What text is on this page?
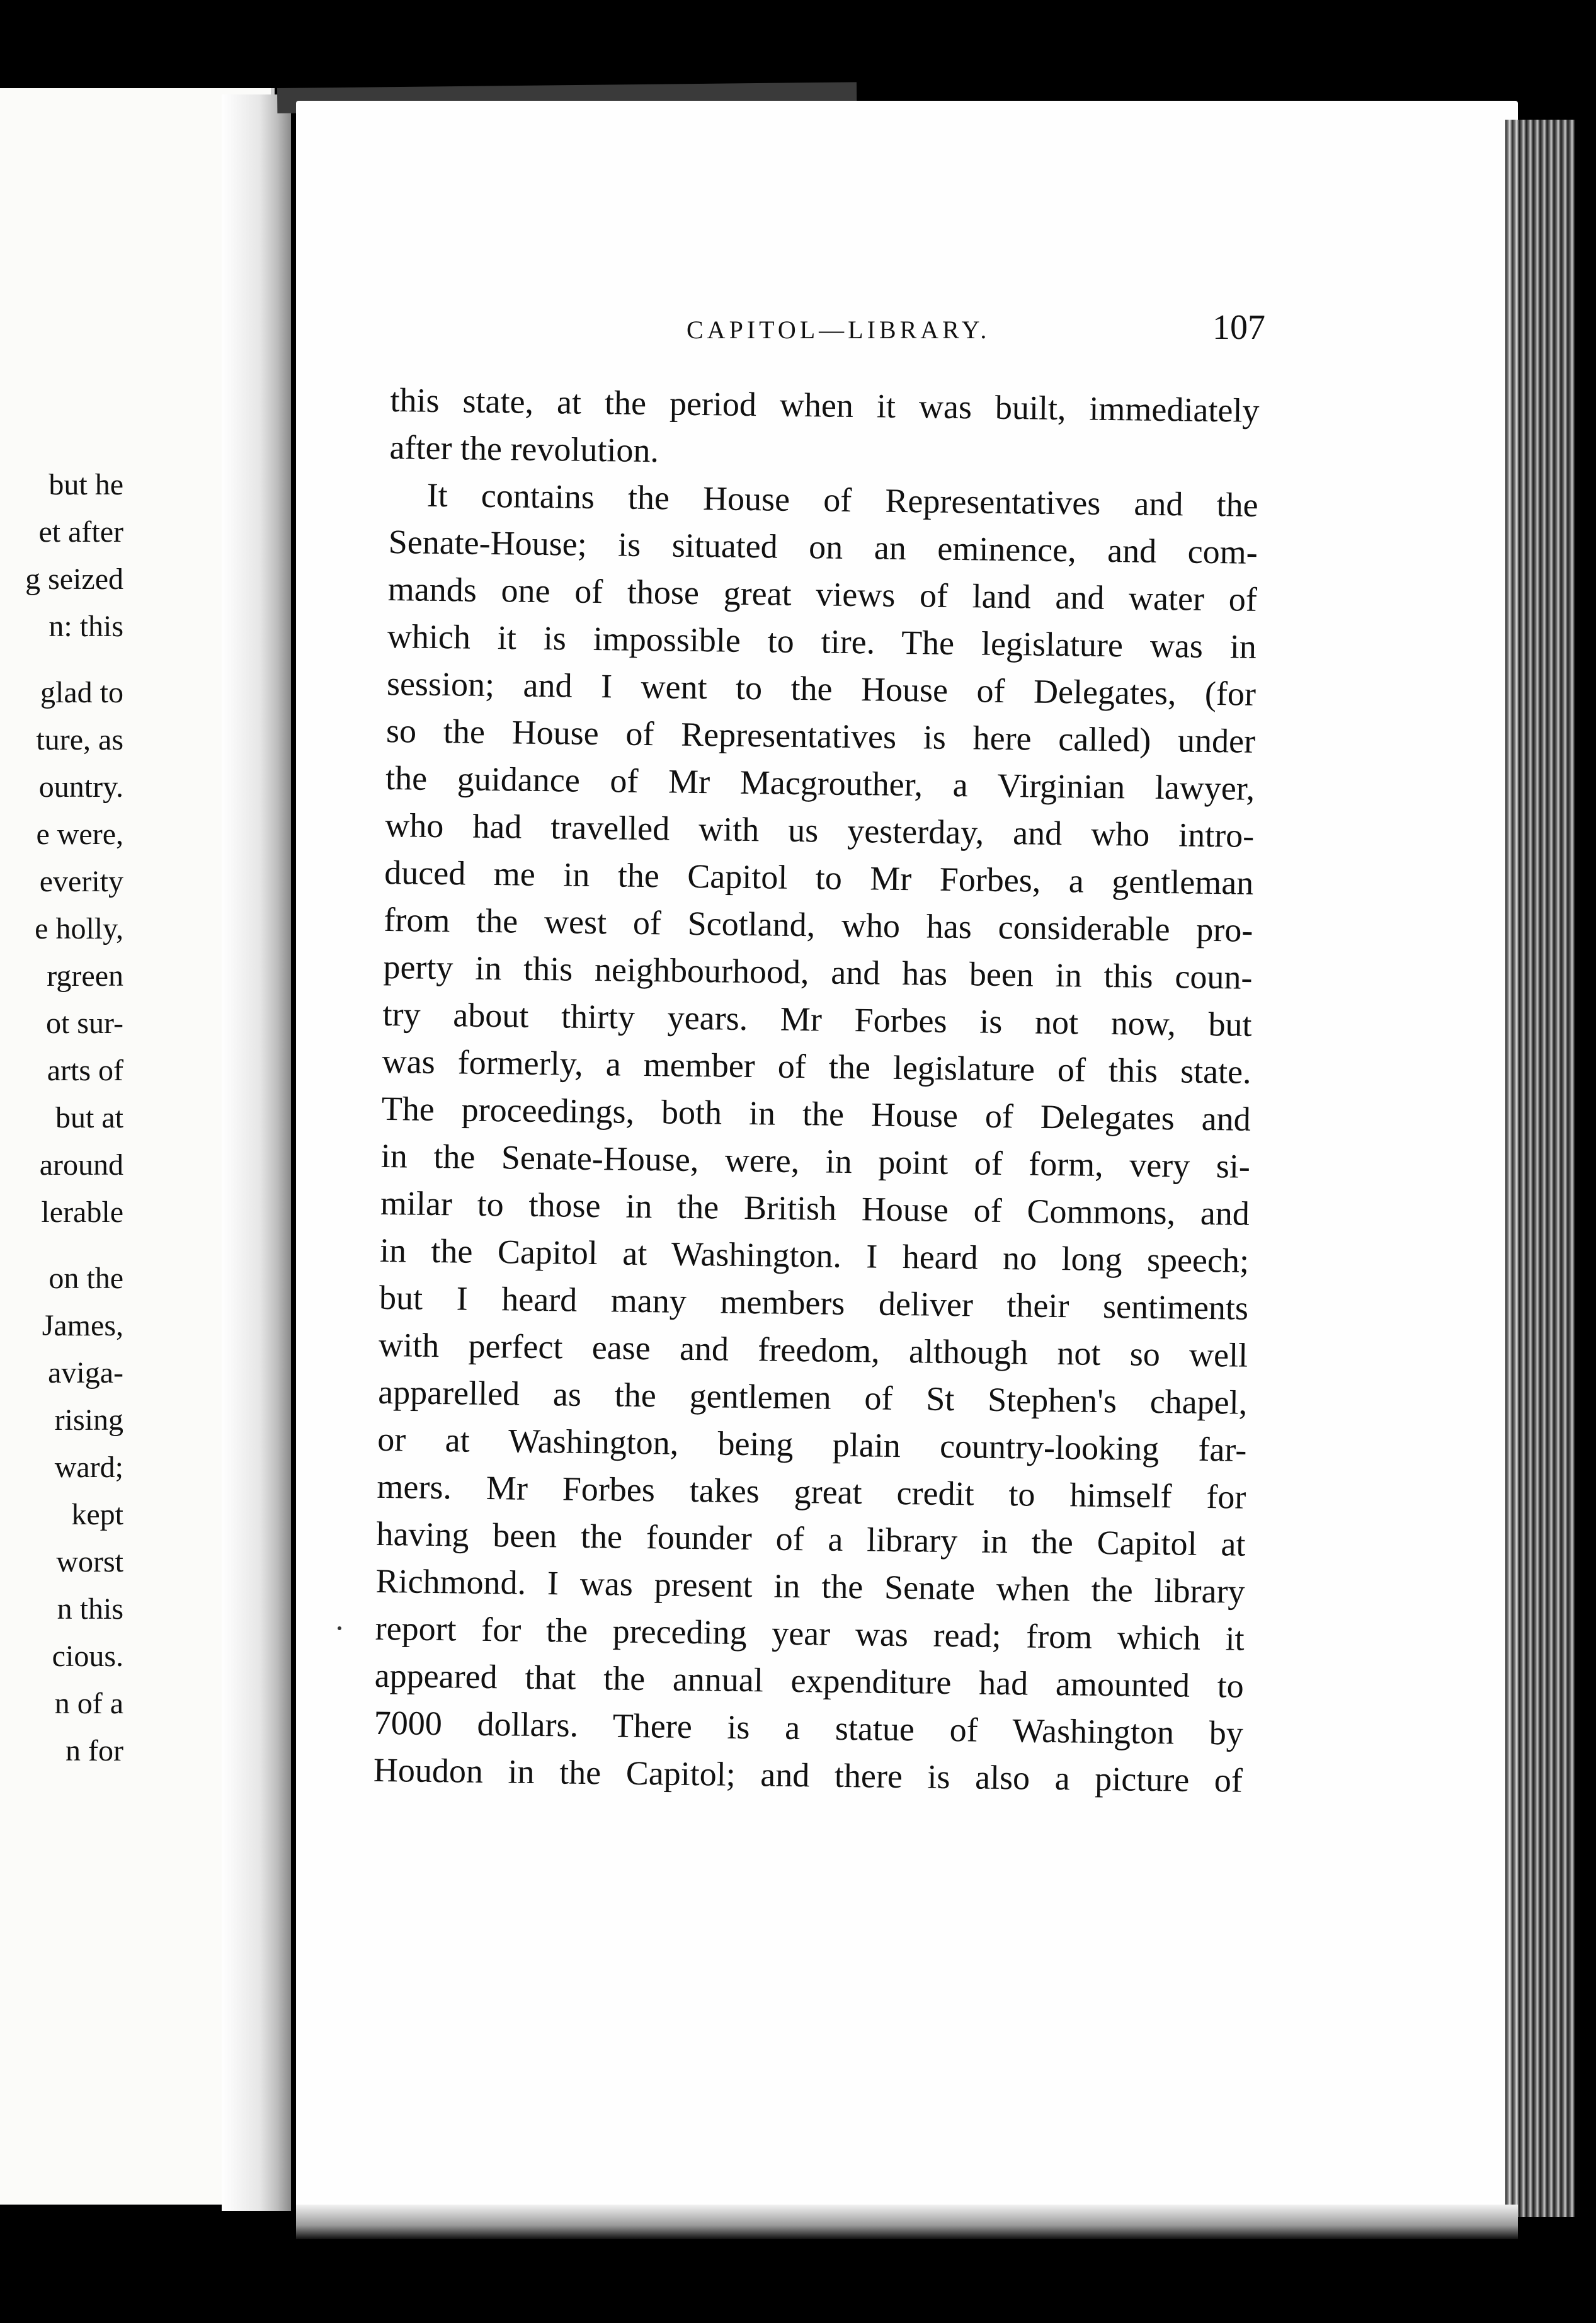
but he
et after
g seized
n: this
glad to
ture, as
ountry.
e were,
everity
e holly,
rgreen
ot sur-
arts of
but at
around
lerable
on the
James,
aviga-
rising
ward;
kept
worst
n this
cious.
n of a
n for
CAPITOL—LIBRARY.	107
this state, at the period when it was built, immediately
after the revolution.
It contains the House of Representatives and the
Senate-House; is situated on an eminence, and com-
mands one of those great views of land and water of
which it is impossible to tire. The legislature was in
session; and I went to the House of Delegates, (for
so the House of Representatives is here called) under
the guidance of Mr Macgrouther, a Virginian lawyer,
who had travelled with us yesterday, and who intro-
duced me in the Capitol to Mr Forbes, a gentleman
from the west of Scotland, who has considerable pro-
perty in this neighbourhood, and has been in this coun-
try about thirty years. Mr Forbes is not now, but
was formerly, a member of the legislature of this state.
The proceedings, both in the House of Delegates and
in the Senate-House, were, in point of form, very si-
milar to those in the British House of Commons, and
in the Capitol at Washington. I heard no long speech;
but I heard many members deliver their sentiments
with perfect ease and freedom, although not so well
apparelled as the gentlemen of St Stephen's chapel,
or at Washington, being plain country-looking far-
mers. Mr Forbes takes great credit to himself for
having been the founder of a library in the Capitol at
Richmond. I was present in the Senate when the library
report for the preceding year was read; from which it
appeared that the annual expenditure had amounted to
7000 dollars. There is a statue of Washington by
Houdon in the Capitol; and there is also a picture of
